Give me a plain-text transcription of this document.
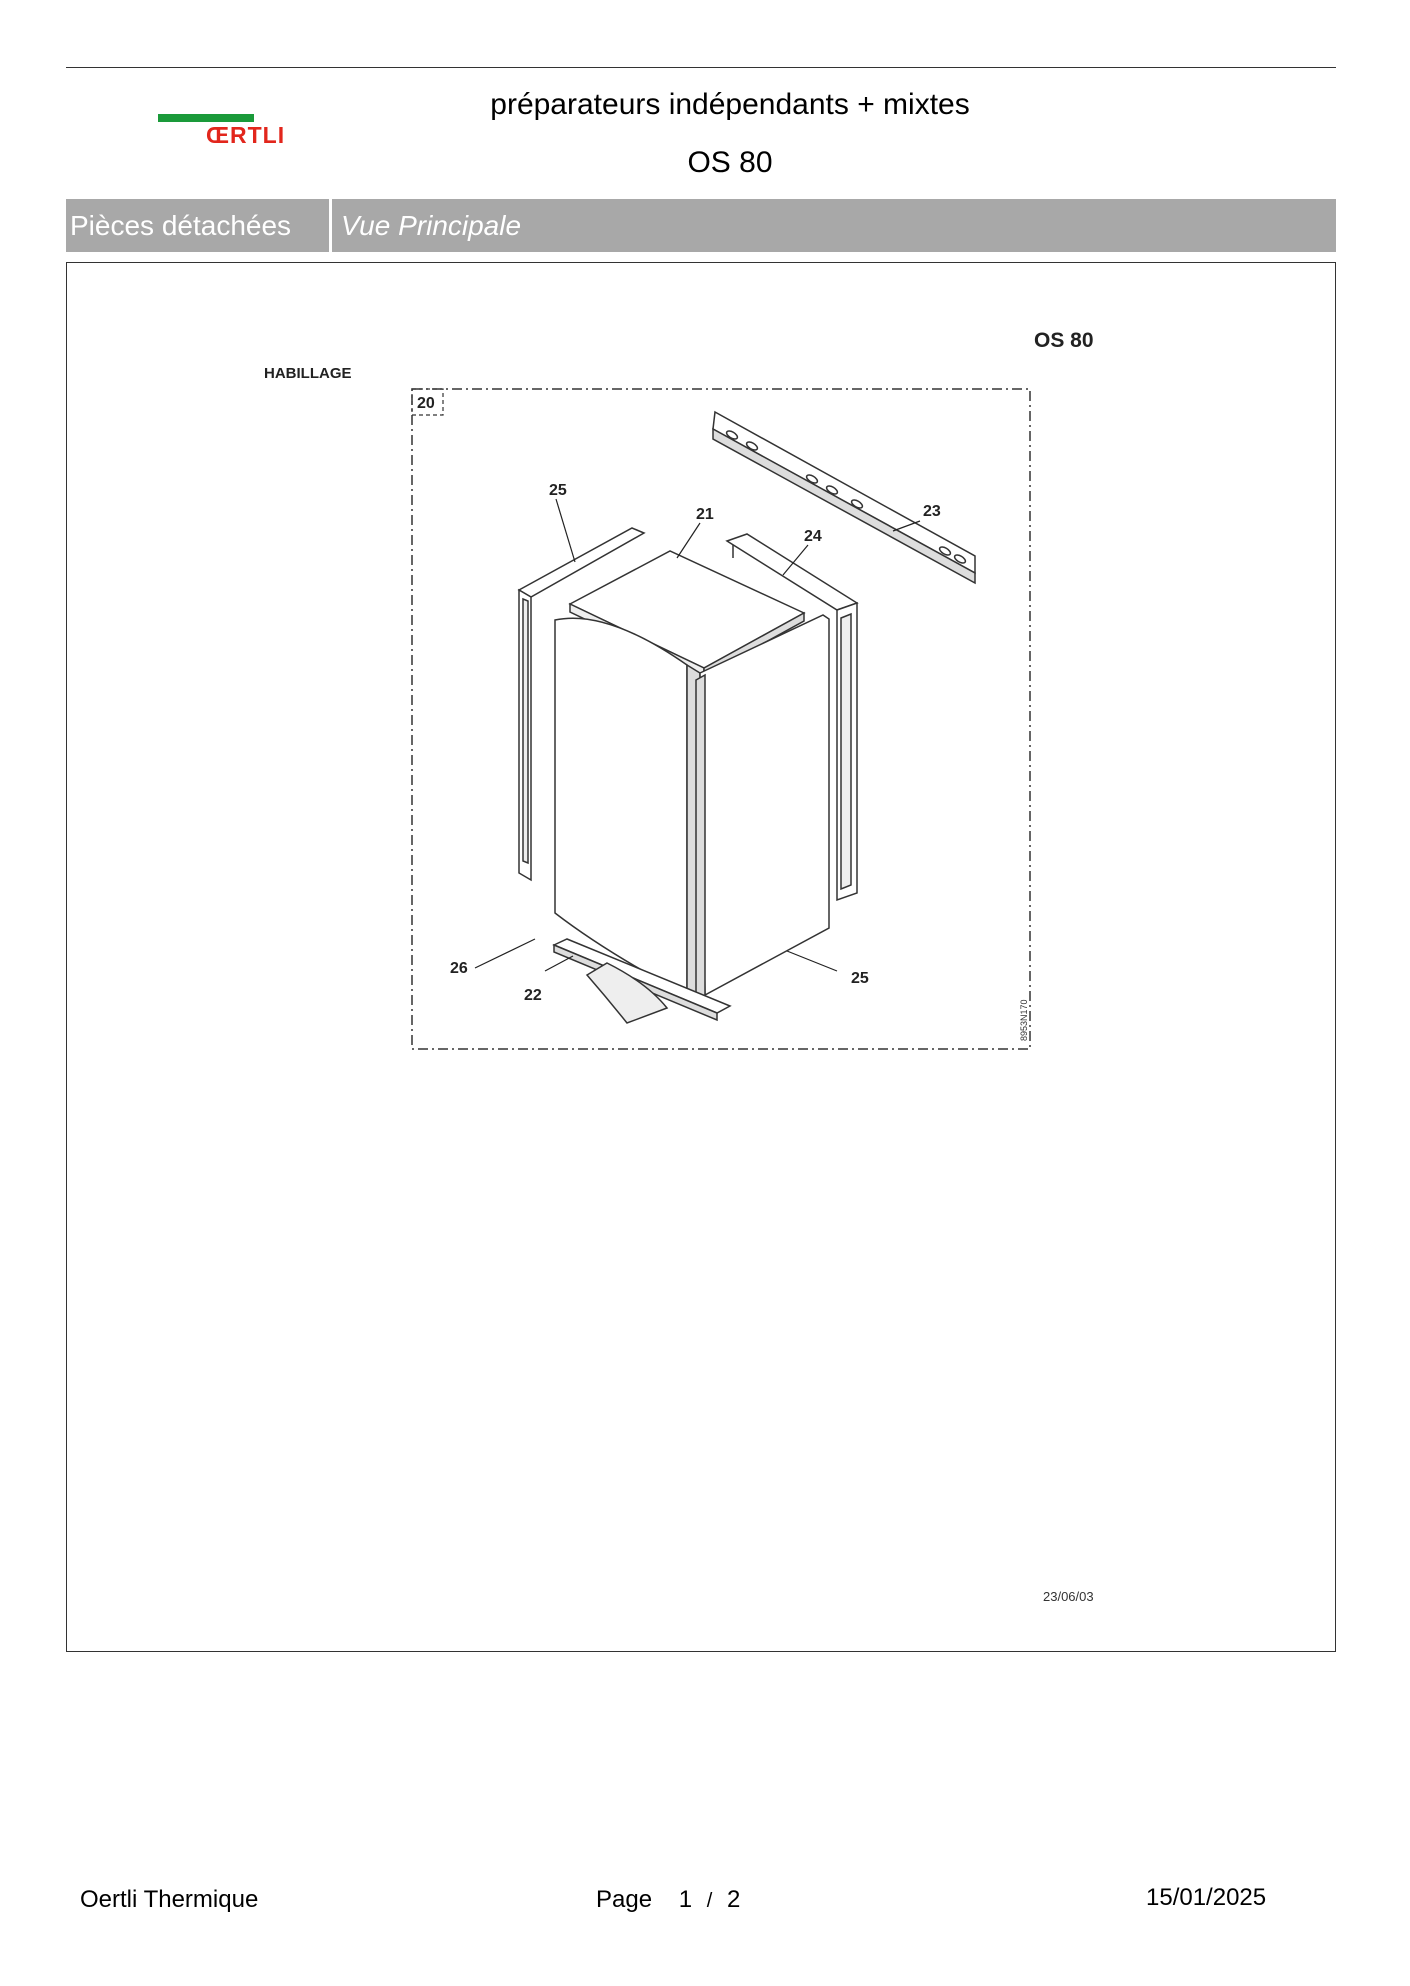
ŒRTLI
préparateurs indépendants + mixtes
OS 80
Pièces détachées	Vue Principale
OS 80
HABILLAGE
20
25
21
24
23
26
22
25
8953N170
23/06/03
Oertli Thermique	Page 1 / 2	15/01/2025
